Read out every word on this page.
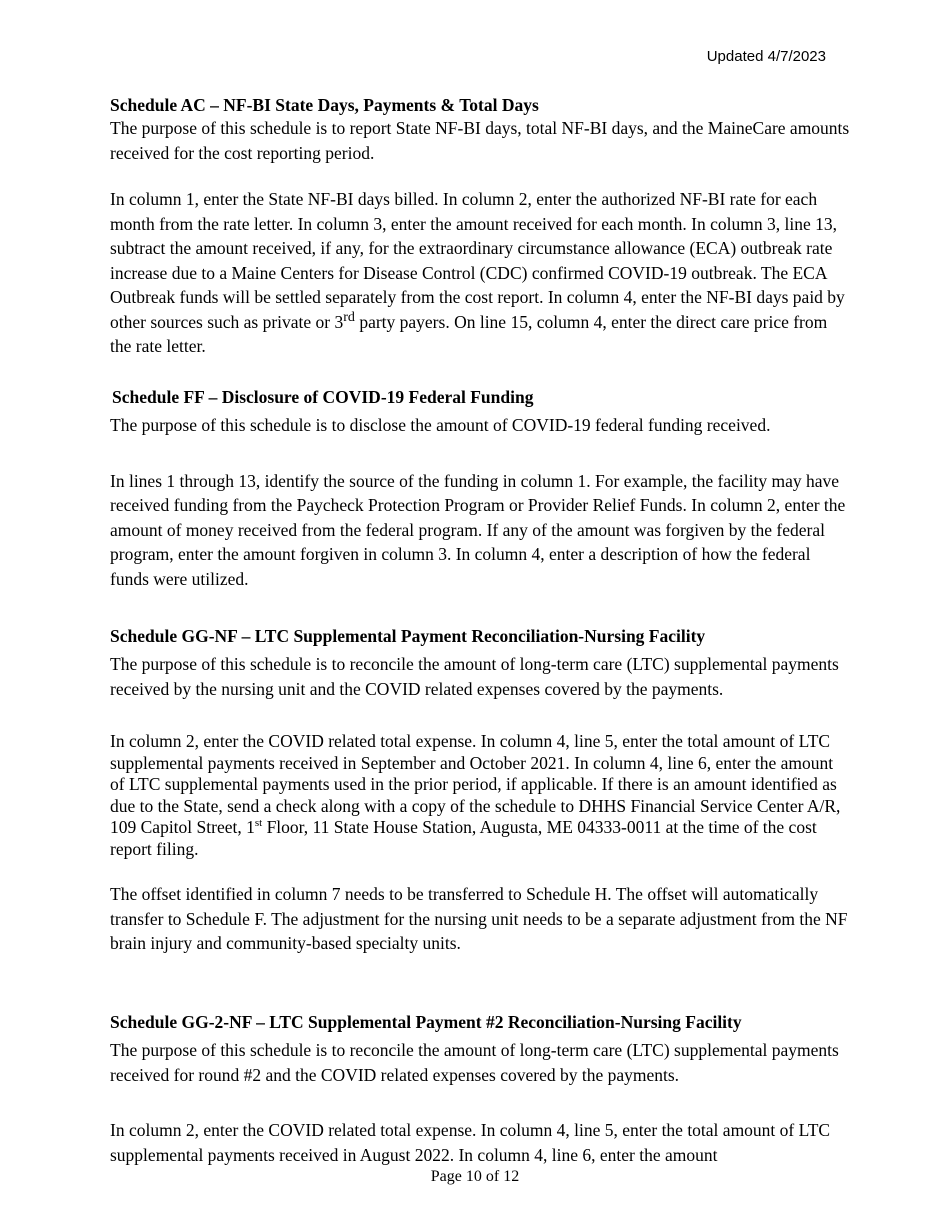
Updated 4/7/2023
Schedule AC – NF-BI State Days, Payments & Total Days

The purpose of this schedule is to report State NF-BI days, total NF-BI days, and the MaineCare amounts received for the cost reporting period.

In column 1, enter the State NF-BI days billed. In column 2, enter the authorized NF-BI rate for each month from the rate letter. In column 3, enter the amount received for each month. In column 3, line 13, subtract the amount received, if any, for the extraordinary circumstance allowance (ECA) outbreak rate increase due to a Maine Centers for Disease Control (CDC) confirmed COVID-19 outbreak. The ECA Outbreak funds will be settled separately from the cost report. In column 4, enter the NF-BI days paid by other sources such as private or 3rd party payers. On line 15, column 4, enter the direct care price from the rate letter.

Schedule FF – Disclosure of COVID-19 Federal Funding

The purpose of this schedule is to disclose the amount of COVID-19 federal funding received.

In lines 1 through 13, identify the source of the funding in column 1. For example, the facility may have received funding from the Paycheck Protection Program or Provider Relief Funds. In column 2, enter the amount of money received from the federal program. If any of the amount was forgiven by the federal program, enter the amount forgiven in column 3. In column 4, enter a description of how the federal funds were utilized.

Schedule GG-NF – LTC Supplemental Payment Reconciliation-Nursing Facility

The purpose of this schedule is to reconcile the amount of long-term care (LTC) supplemental payments received by the nursing unit and the COVID related expenses covered by the payments.

In column 2, enter the COVID related total expense. In column 4, line 5, enter the total amount of LTC supplemental payments received in September and October 2021. In column 4, line 6, enter the amount of LTC supplemental payments used in the prior period, if applicable. If there is an amount identified as due to the State, send a check along with a copy of the schedule to DHHS Financial Service Center A/R, 109 Capitol Street, 1st Floor, 11 State House Station, Augusta, ME 04333-0011 at the time of the cost report filing.

The offset identified in column 7 needs to be transferred to Schedule H. The offset will automatically transfer to Schedule F. The adjustment for the nursing unit needs to be a separate adjustment from the NF brain injury and community-based specialty units.

Schedule GG-2-NF – LTC Supplemental Payment #2 Reconciliation-Nursing Facility

The purpose of this schedule is to reconcile the amount of long-term care (LTC) supplemental payments received for round #2 and the COVID related expenses covered by the payments.

In column 2, enter the COVID related total expense. In column 4, line 5, enter the total amount of LTC supplemental payments received in August 2022. In column 4, line 6, enter the amount

Page 10 of 12
